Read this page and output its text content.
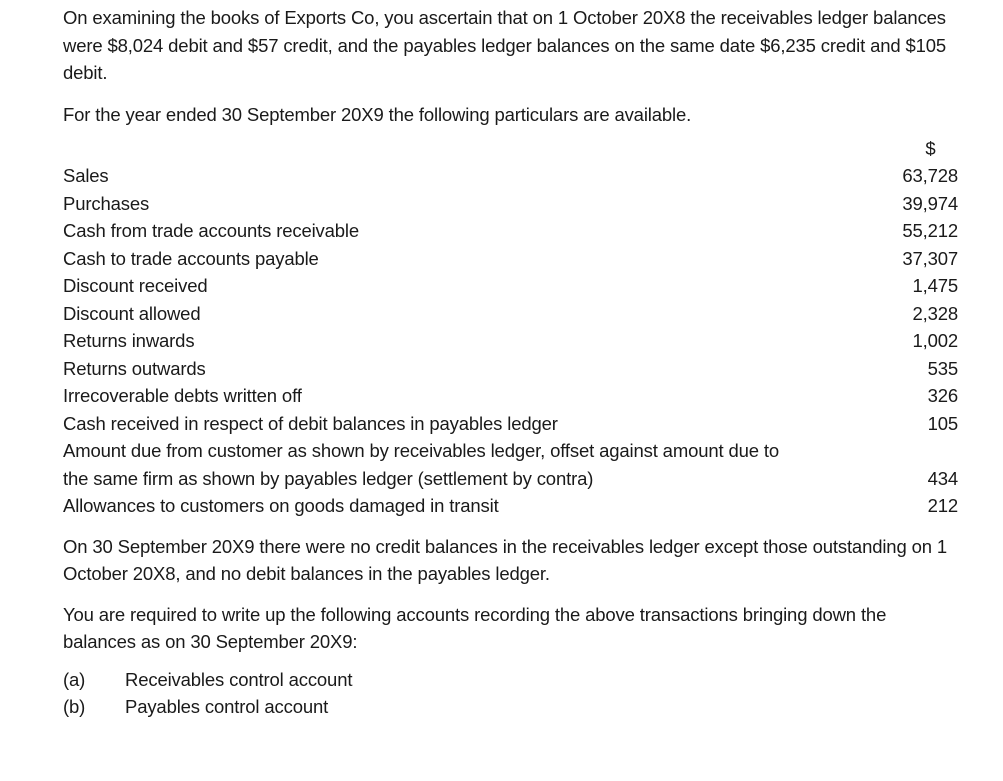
On examining the books of Exports Co, you ascertain that on 1 October 20X8 the receivables ledger balances were $8,024 debit and $57 credit, and the payables ledger balances on the same date $6,235 credit and $105 debit.

For the year ended 30 September 20X9 the following particulars are available.

$
Sales	63,728
Purchases	39,974
Cash from trade accounts receivable	55,212
Cash to trade accounts payable	37,307
Discount received	1,475
Discount allowed	2,328
Returns inwards	1,002
Returns outwards	535
Irrecoverable debts written off	326
Cash received in respect of debit balances in payables ledger	105
Amount due from customer as shown by receivables ledger, offset against amount due to the same firm as shown by payables ledger (settlement by contra)	434
Allowances to customers on goods damaged in transit	212

On 30 September 20X9 there were no credit balances in the receivables ledger except those outstanding on 1 October 20X8, and no debit balances in the payables ledger.

You are required to write up the following accounts recording the above transactions bringing down the balances as on 30 September 20X9:

(a)	Receivables control account
(b)	Payables control account
